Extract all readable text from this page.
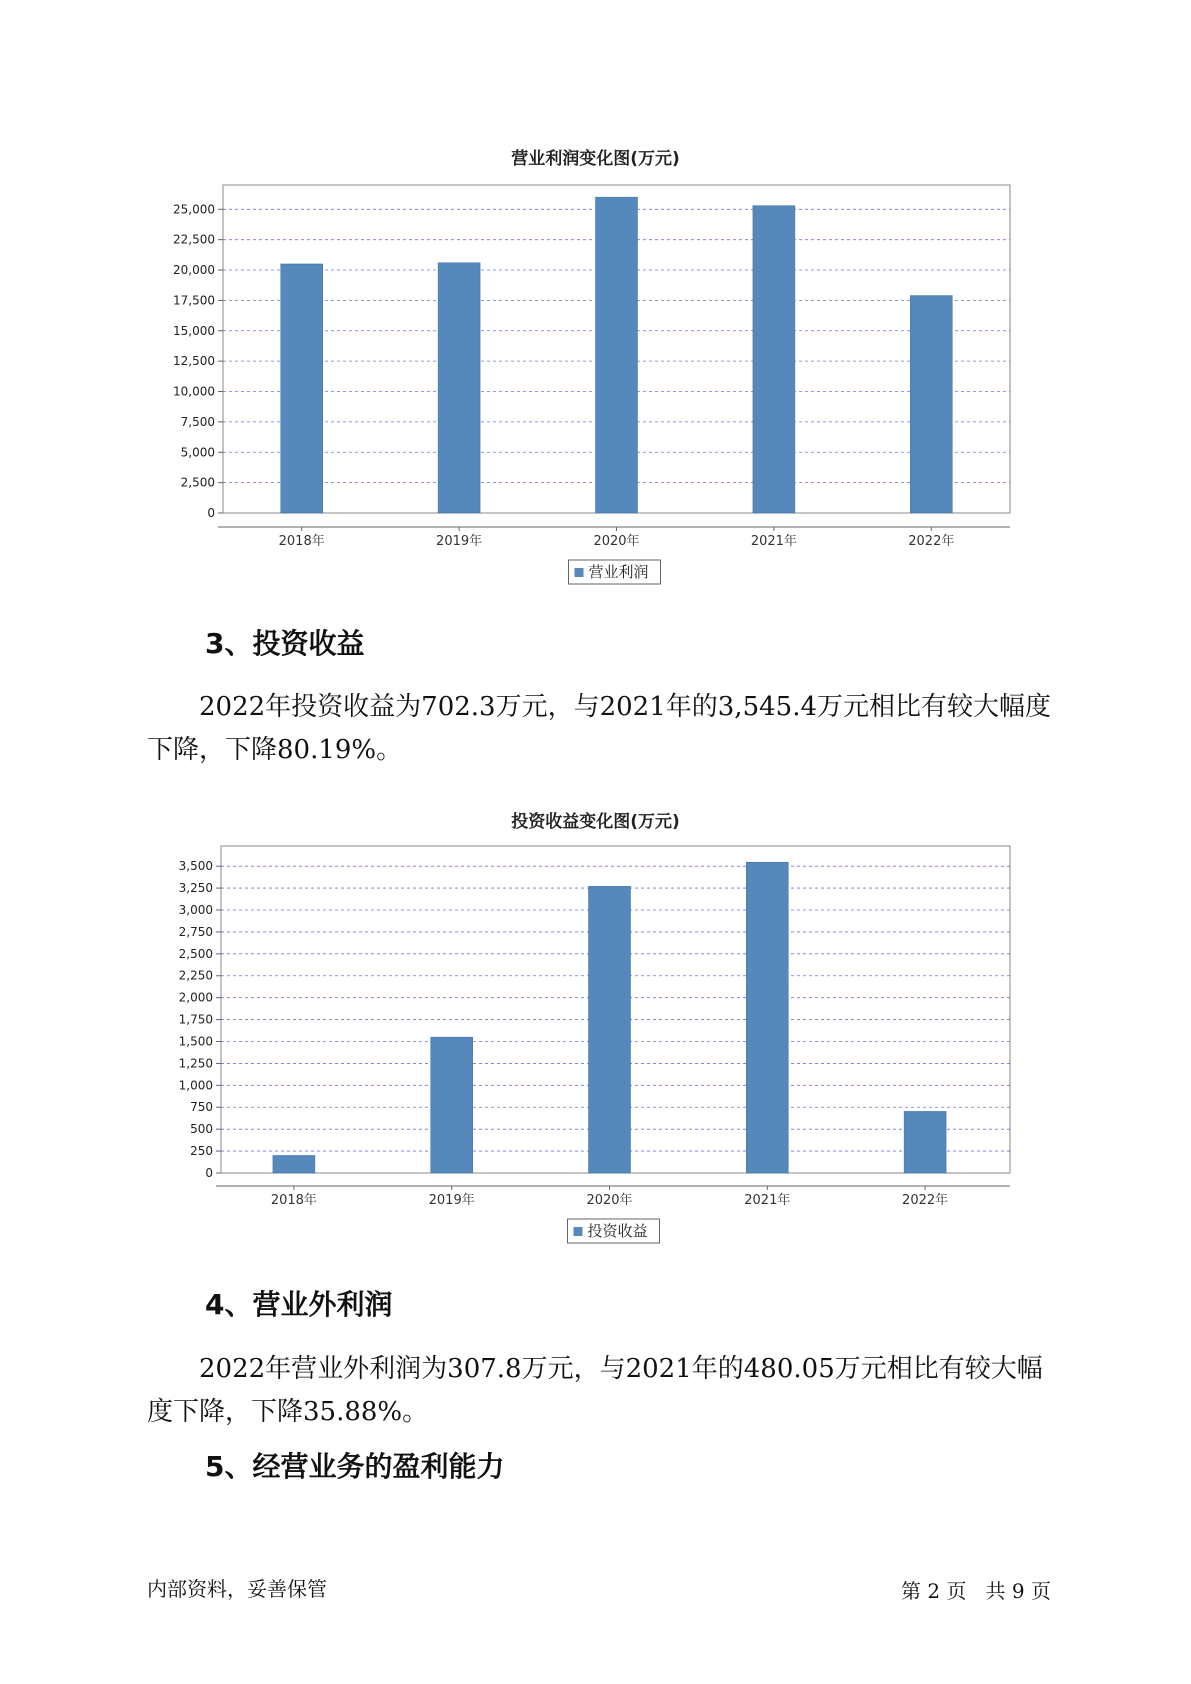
营业利润变化图(万元)
0
2,500
5,000
7,500
10,000
12,500
15,000
17,500
20,000
22,500
25,000
2018年	2019年	2020年	2021年	2022年
营业利润
3、投资收益

2022年投资收益为702.3万元，与2021年的3,545.4万元相比有较大幅度下降，下降80.19%。

投资收益变化图(万元)
0
250
500
750
1,000
1,250
1,500
1,750
2,000
2,250
2,500
2,750
3,000
3,250
3,500
2018年	2019年	2020年	2021年	2022年
投资收益
4、营业外利润

2022年营业外利润为307.8万元，与2021年的480.05万元相比有较大幅度下降，下降35.88%。

5、经营业务的盈利能力
内部资料，妥善保管	第 2 页   共 9 页
